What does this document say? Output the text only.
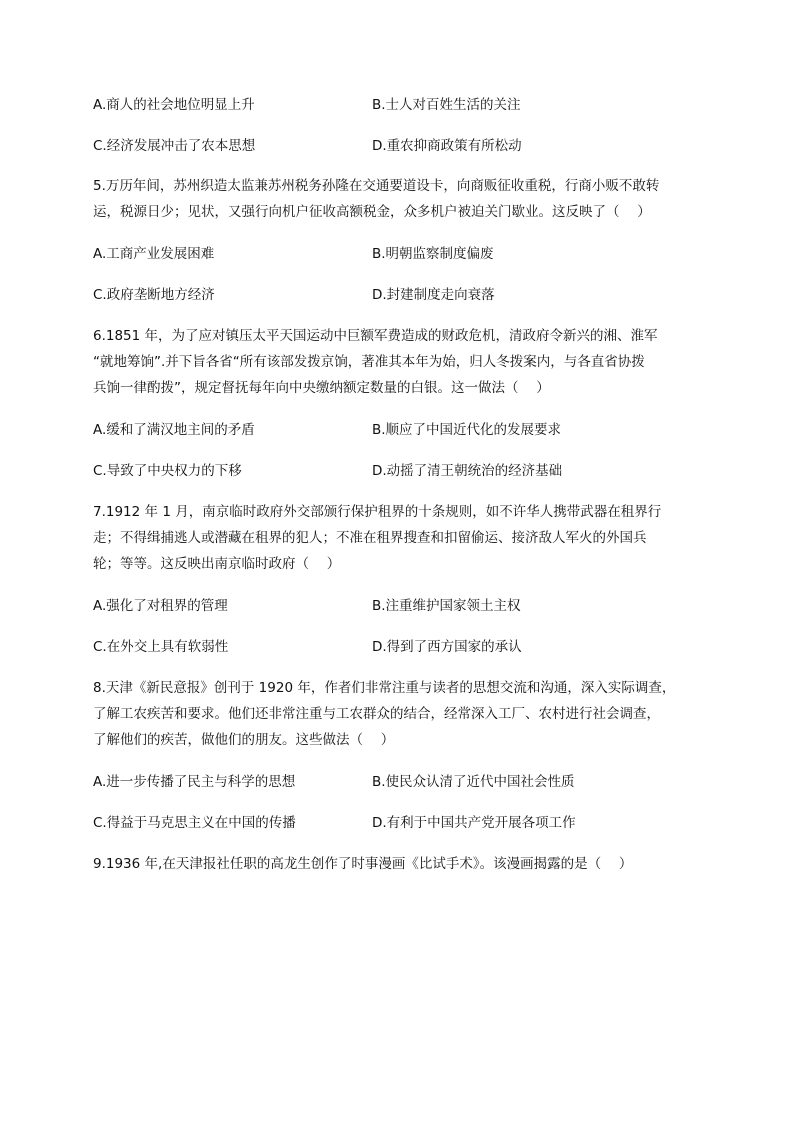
A.商人的社会地位明显上升	B.士人对百姓生活的关注
C.经济发展冲击了农本思想	D.重农抑商政策有所松动
5.万历年间，苏州织造太监兼苏州税务孙隆在交通要道设卡，向商贩征收重税，行商小贩不敢转
运，税源日少；见状，又强行向机户征收高额税金，众多机户被迫关门歇业。这反映了（　 ）
A.工商产业发展困难	B.明朝监察制度偏废
C.政府垄断地方经济	D.封建制度走向衰落
6.1851 年，为了应对镇压太平天国运动中巨额军费造成的财政危机，清政府令新兴的湘、淮军
“就地筹饷”.并下旨各省“所有该部发拨京饷，著准其本年为始，归人冬拨案内，与各直省协拨
兵饷一律酌拨”，规定督抚每年向中央缴纳额定数量的白银。这一做法（　 ）
A.缓和了满汉地主间的矛盾	B.顺应了中国近代化的发展要求
C.导致了中央权力的下移	D.动摇了清王朝统治的经济基础
7.1912 年 1 月，南京临时政府外交部颁行保护租界的十条规则，如不许华人携带武器在租界行
走；不得缉捕逃人或潜藏在租界的犯人；不准在租界搜查和扣留偷运、接济敌人军火的外国兵
轮；等等。这反映出南京临时政府（　 ）
A.强化了对租界的管理	B.注重维护国家领土主权
C.在外交上具有软弱性	D.得到了西方国家的承认
8.天津《新民意报》创刊于 1920 年，作者们非常注重与读者的思想交流和沟通，深入实际调查，
了解工农疾苦和要求。他们还非常注重与工农群众的结合，经常深入工厂、农村进行社会调查，
了解他们的疾苦，做他们的朋友。这些做法（　 ）
A.进一步传播了民主与科学的思想	B.使民众认清了近代中国社会性质
C.得益于马克思主义在中国的传播	D.有利于中国共产党开展各项工作
9.1936 年,在天津报社任职的高龙生创作了时事漫画《比试手术》。该漫画揭露的是（　 ）
